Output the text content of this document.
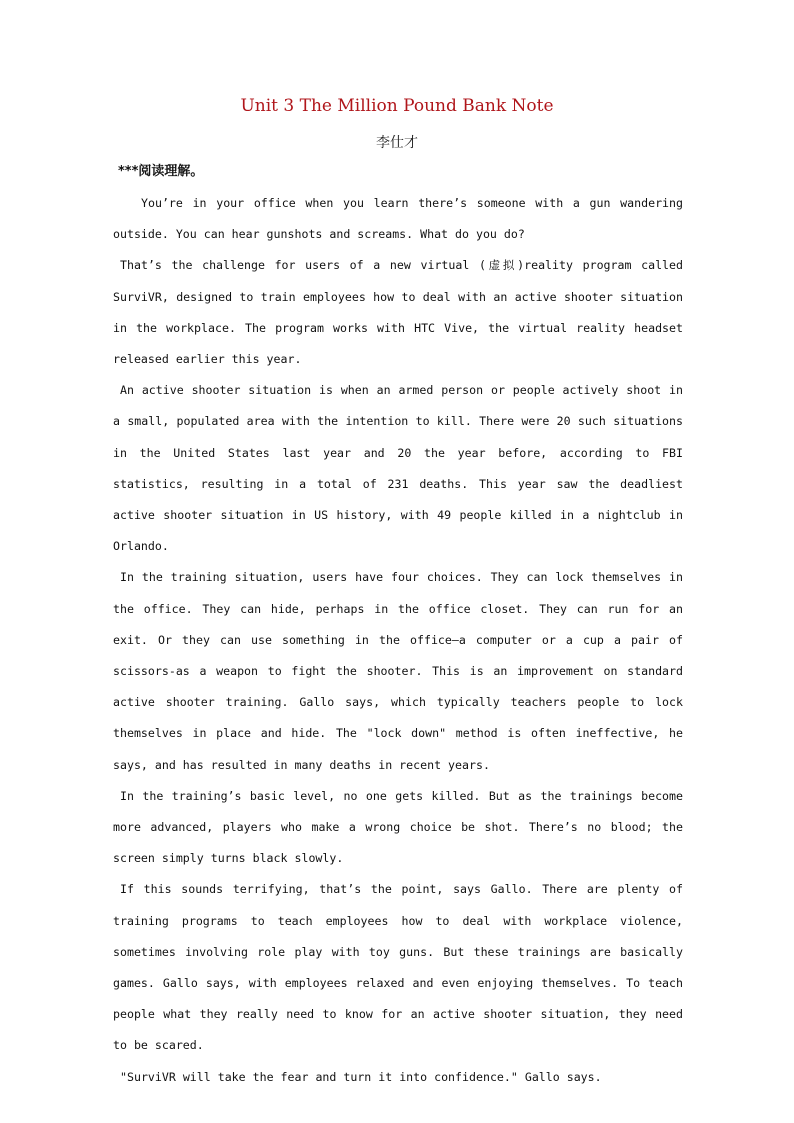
Unit 3 The Million Pound Bank Note
李仕才
***阅读理解。

You’re in your office when you learn there’s someone with a gun wandering outside. You can hear gunshots and screams. What do you do?

That’s the challenge for users of a new virtual (虚拟)reality program called SurviVR, designed to train employees how to deal with an active shooter situation in the workplace. The program works with HTC Vive, the virtual reality headset released earlier this year.

An active shooter situation is when an armed person or people actively shoot in a small, populated area with the intention to kill. There were 20 such situations in the United States last year and 20 the year before, according to FBI statistics, resulting in a total of 231 deaths. This year saw the deadliest active shooter situation in US history, with 49 people killed in a nightclub in Orlando.

In the training situation, users have four choices. They can lock themselves in the office. They can hide, perhaps in the office closet. They can run for an exit. Or they can use something in the office—a computer or a cup a pair of scissors-as a weapon to fight the shooter. This is an improvement on standard active shooter training. Gallo says, which typically teachers people to lock themselves in place and hide. The "lock down" method is often ineffective, he says, and has resulted in many deaths in recent years.

In the training’s basic level, no one gets killed. But as the trainings become more advanced, players who make a wrong choice be shot. There’s no blood; the screen simply turns black slowly.

If this sounds terrifying, that’s the point, says Gallo. There are plenty of training programs to teach employees how to deal with workplace violence, sometimes involving role play with toy guns. But these trainings are basically games. Gallo says, with employees relaxed and even enjoying themselves. To teach people what they really need to know for an active shooter situation, they need to be scared.

"SurviVR will take the fear and turn it into confidence." Gallo says.
